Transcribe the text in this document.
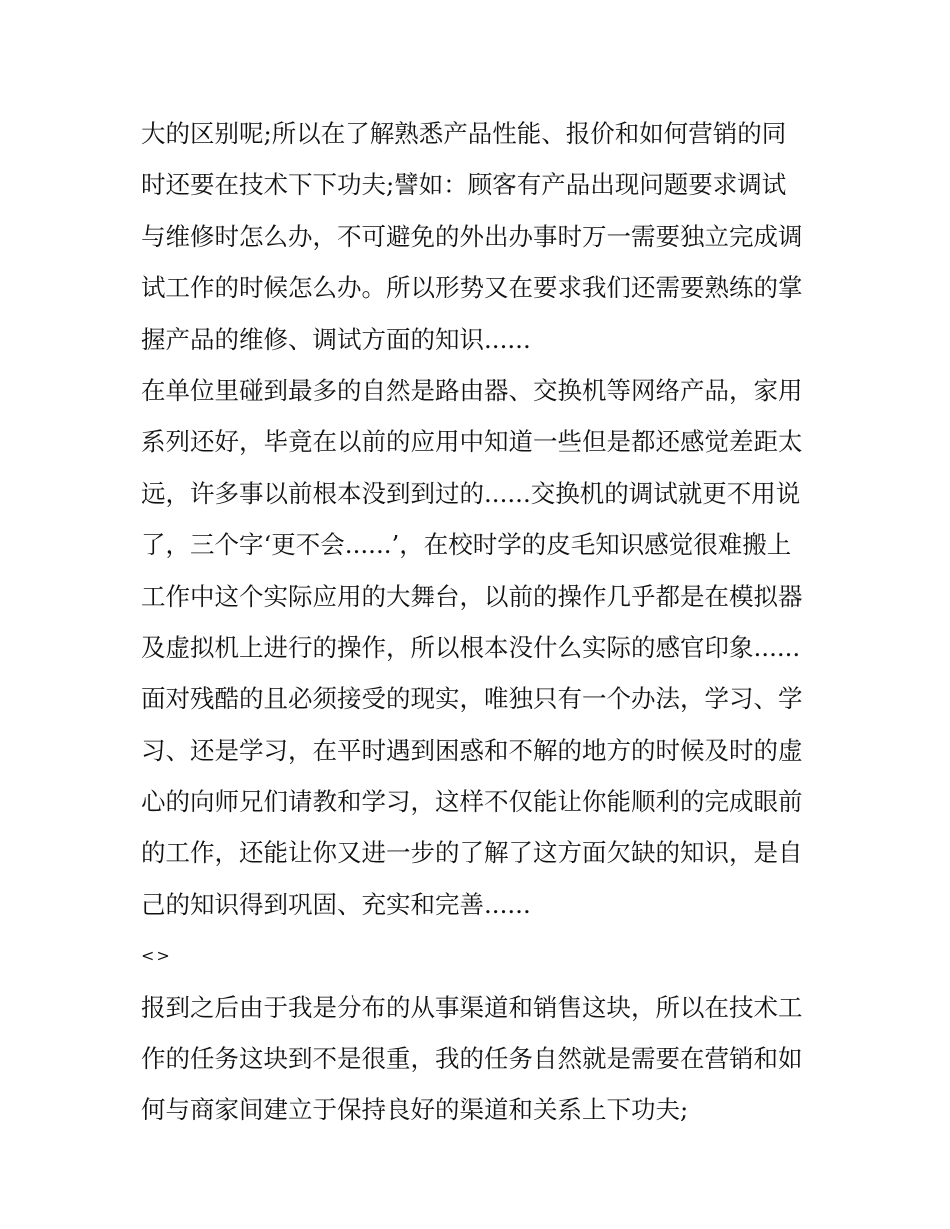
大的区别呢;所以在了解熟悉产品性能、报价和如何营销的同

时还要在技术下下功夫;譬如：顾客有产品出现问题要求调试

与维修时怎么办，不可避免的外出办事时万一需要独立完成调

试工作的时候怎么办。所以形势又在要求我们还需要熟练的掌

握产品的维修、调试方面的知识......

在单位里碰到最多的自然是路由器、交换机等网络产品，家用

系列还好，毕竟在以前的应用中知道一些但是都还感觉差距太

远，许多事以前根本没到到过的......交换机的调试就更不用说

了，三个字‘更不会......’，在校时学的皮毛知识感觉很难搬上

工作中这个实际应用的大舞台，以前的操作几乎都是在模拟器

及虚拟机上进行的操作，所以根本没什么实际的感官印象......

面对残酷的且必须接受的现实，唯独只有一个办法，学习、学

习、还是学习，在平时遇到困惑和不解的地方的时候及时的虚

心的向师兄们请教和学习，这样不仅能让你能顺利的完成眼前

的工作，还能让你又进一步的了解了这方面欠缺的知识，是自

己的知识得到巩固、充实和完善......

<>

报到之后由于我是分布的从事渠道和销售这块，所以在技术工

作的任务这块到不是很重，我的任务自然就是需要在营销和如

何与商家间建立于保持良好的渠道和关系上下功夫;
